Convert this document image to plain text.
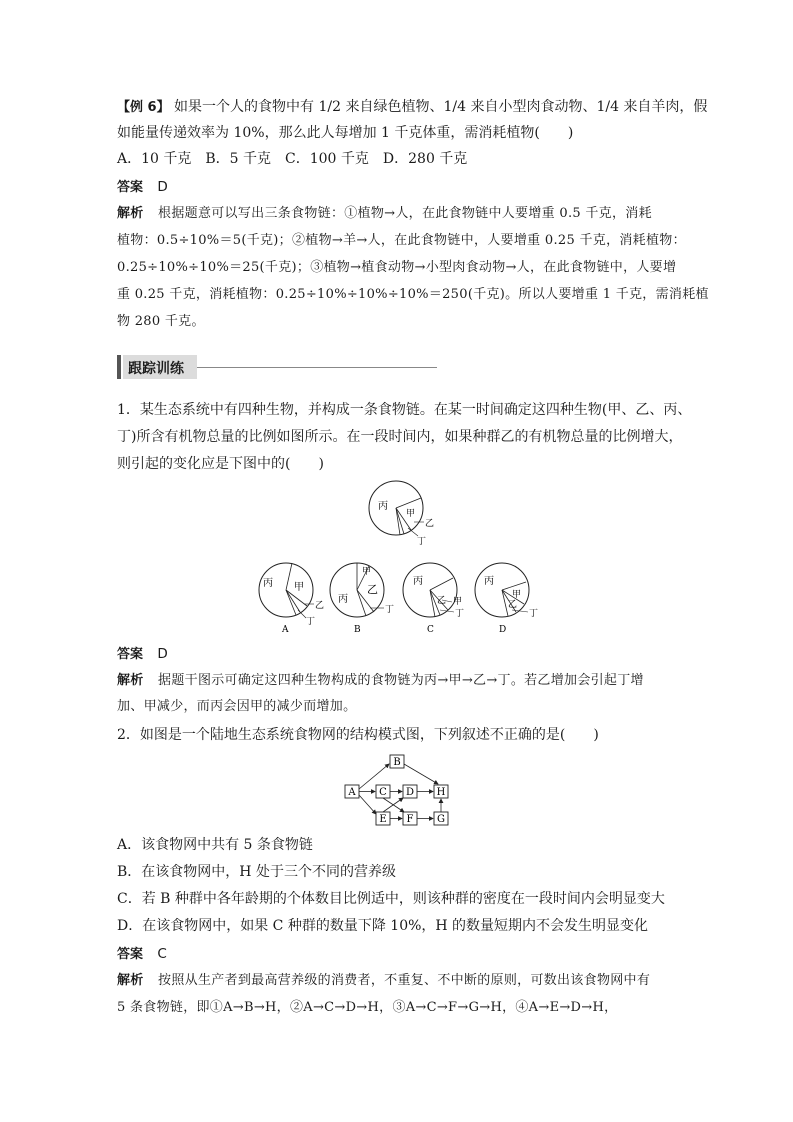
【例 6】 如果一个人的食物中有 1/2 来自绿色植物、1/4 来自小型肉食动物、1/4 来自羊肉，假
如能量传递效率为 10%，那么此人每增加 1 千克体重，需消耗植物(　　)
A．10 千克　B．5 千克　C．100 千克　D．280 千克
答案 D
解析 根据题意可以写出三条食物链：①植物→人，在此食物链中人要增重 0.5 千克，消耗
植物：0.5÷10%＝5(千克)；②植物→羊→人，在此食物链中，人要增重 0.25 千克，消耗植物：
0.25÷10%÷10%＝25(千克)；③植物→植食动物→小型肉食动物→人，在此食物链中，人要增
重 0.25 千克，消耗植物：0.25÷10%÷10%÷10%＝250(千克)。所以人要增重 1 千克，需消耗植
物 280 千克。
跟踪训练
1．某生态系统中有四种生物，并构成一条食物链。在某一时间确定这四种生物(甲、乙、丙、
丁)所含有机物总量的比例如图所示。在一段时间内，如果种群乙的有机物总量的比例增大，
则引起的变化应是下图中的(　　)
丙
甲
乙
丁
丙 甲
乙
丁
A
甲
丙
乙
丁
B
丙
乙 甲
丁
C
丙
甲
乙
丁
D
答案 D
解析 据题干图示可确定这四种生物构成的食物链为丙→甲→乙→丁。若乙增加会引起丁增
加、甲减少，而丙会因甲的减少而增加。
2．如图是一个陆地生态系统食物网的结构模式图，下列叙述不正确的是(　　)
B
A C D H
E F G
A．该食物网中共有 5 条食物链
B．在该食物网中，H 处于三个不同的营养级
C．若 B 种群中各年龄期的个体数目比例适中，则该种群的密度在一段时间内会明显变大
D．在该食物网中，如果 C 种群的数量下降 10%，H 的数量短期内不会发生明显变化
答案 C
解析 按照从生产者到最高营养级的消费者，不重复、不中断的原则，可数出该食物网中有
5 条食物链，即①A→B→H，②A→C→D→H，③A→C→F→G→H，④A→E→D→H，
